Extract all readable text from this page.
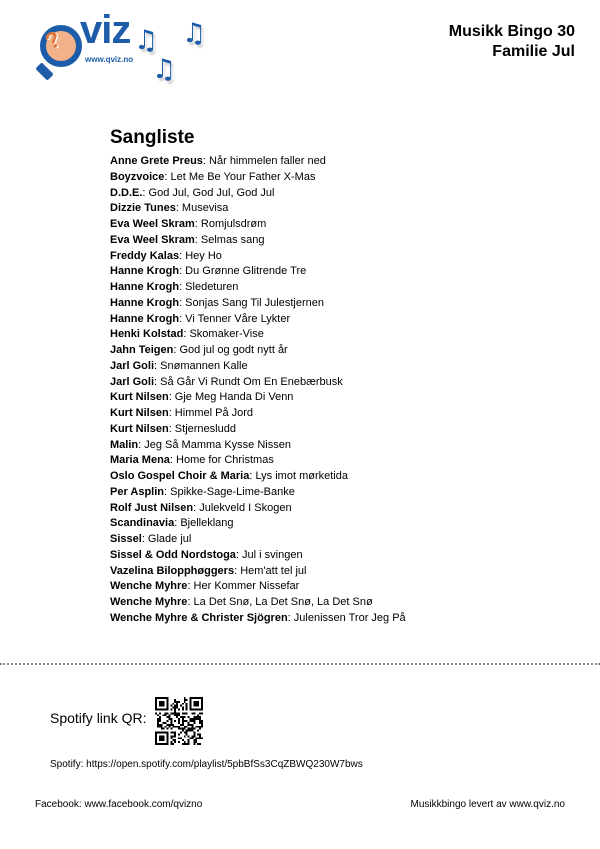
? viz
www.qviz.no
♫
♫
♫	Musikk Bingo 30
Familie Jul
Sangliste
Anne Grete Preus: Når himmelen faller ned
Boyzvoice: Let Me Be Your Father X-Mas
D.D.E.: God Jul, God Jul, God Jul
Dizzie Tunes: Musevisa
Eva Weel Skram: Romjulsdrøm
Eva Weel Skram: Selmas sang
Freddy Kalas: Hey Ho
Hanne Krogh: Du Grønne Glitrende Tre
Hanne Krogh: Sledeturen
Hanne Krogh: Sonjas Sang Til Julestjernen
Hanne Krogh: Vi Tenner Våre Lykter
Henki Kolstad: Skomaker-Vise
Jahn Teigen: God jul og godt nytt år
Jarl Goli: Snømannen Kalle
Jarl Goli: Så Går Vi Rundt Om En Enebærbusk
Kurt Nilsen: Gje Meg Handa Di Venn
Kurt Nilsen: Himmel På Jord
Kurt Nilsen: Stjernesludd
Malin: Jeg Så Mamma Kysse Nissen
Maria Mena: Home for Christmas
Oslo Gospel Choir & Maria: Lys imot mørketida
Per Asplin: Spikke-Sage-Lime-Banke
Rolf Just Nilsen: Julekveld I Skogen
Scandinavia: Bjelleklang
Sissel: Glade jul
Sissel & Odd Nordstoga: Jul i svingen
Vazelina Bilopphøggers: Hem'att tel jul
Wenche Myhre: Her Kommer Nissefar
Wenche Myhre: La Det Snø, La Det Snø, La Det Snø
Wenche Myhre & Christer Sjögren: Julenissen Tror Jeg På
Spotify link QR:
Spotify: https://open.spotify.com/playlist/5pbBfSs3CqZBWQ230W7bws
Facebook: www.facebook.com/qvizno	Musikkbingo levert av www.qviz.no
